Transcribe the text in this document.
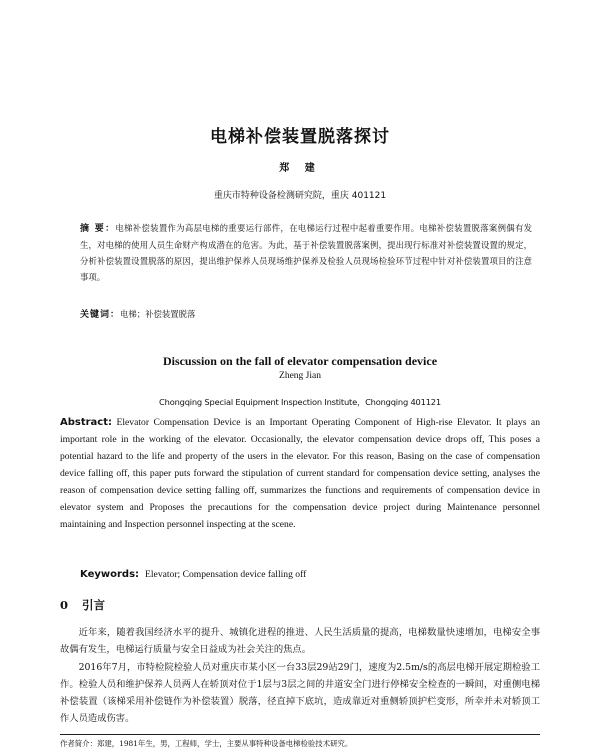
电梯补偿装置脱落探讨
郑 建
重庆市特种设备检测研究院，重庆 401121
摘 要：电梯补偿装置作为高层电梯的重要运行部件，在电梯运行过程中起着重要作用。电梯补偿装置脱落案例偶有发生，对电梯的使用人员生命财产构成潜在的危害。为此，基于补偿装置脱落案例，提出现行标准对补偿装置设置的规定，分析补偿装置设置脱落的原因，提出维护保养人员现场维护保养及检验人员现场检验环节过程中针对补偿装置项目的注意事项。
关键词：电梯；补偿装置脱落
Discussion on the fall of elevator compensation device
Zheng Jian
Chongqing Special Equipment Inspection Institute，Chongqing 401121
Abstract: Elevator Compensation Device is an Important Operating Component of High-rise Elevator. It plays an important role in the working of the elevator. Occasionally, the elevator compensation device drops off, This poses a potential hazard to the life and property of the users in the elevator. For this reason, Basing on the case of compensation device falling off, this paper puts forward the stipulation of current standard for compensation device setting, analyses the reason of compensation device setting falling off, summarizes the functions and requirements of compensation device in elevator system and Proposes the precautions for the compensation device project during Maintenance personnel maintaining and Inspection personnel inspecting at the scene.
Keywords: Elevator; Compensation device falling off
0 引言

近年来，随着我国经济水平的提升、城镇化进程的推进、人民生活质量的提高，电梯数量快速增加，电梯安全事故偶有发生，电梯运行质量与安全日益成为社会关注的焦点。

2016年7月，市特检院检验人员对重庆市某小区一台33层29站29门，速度为2.5m/s的高层电梯开展定期检验工作。检验人员和维护保养人员两人在轿顶对位于1层与3层之间的井道安全门进行停梯安全检查的一瞬间，对重侧电梯补偿装置（该梯采用补偿链作为补偿装置）脱落，径直掉下底坑，造成靠近对重侧轿顶护栏变形，所幸并未对轿顶工作人员造成伤害。

作者简介：郑建，1981年生，男，工程师，学士，主要从事特种设备电梯检验技术研究。
